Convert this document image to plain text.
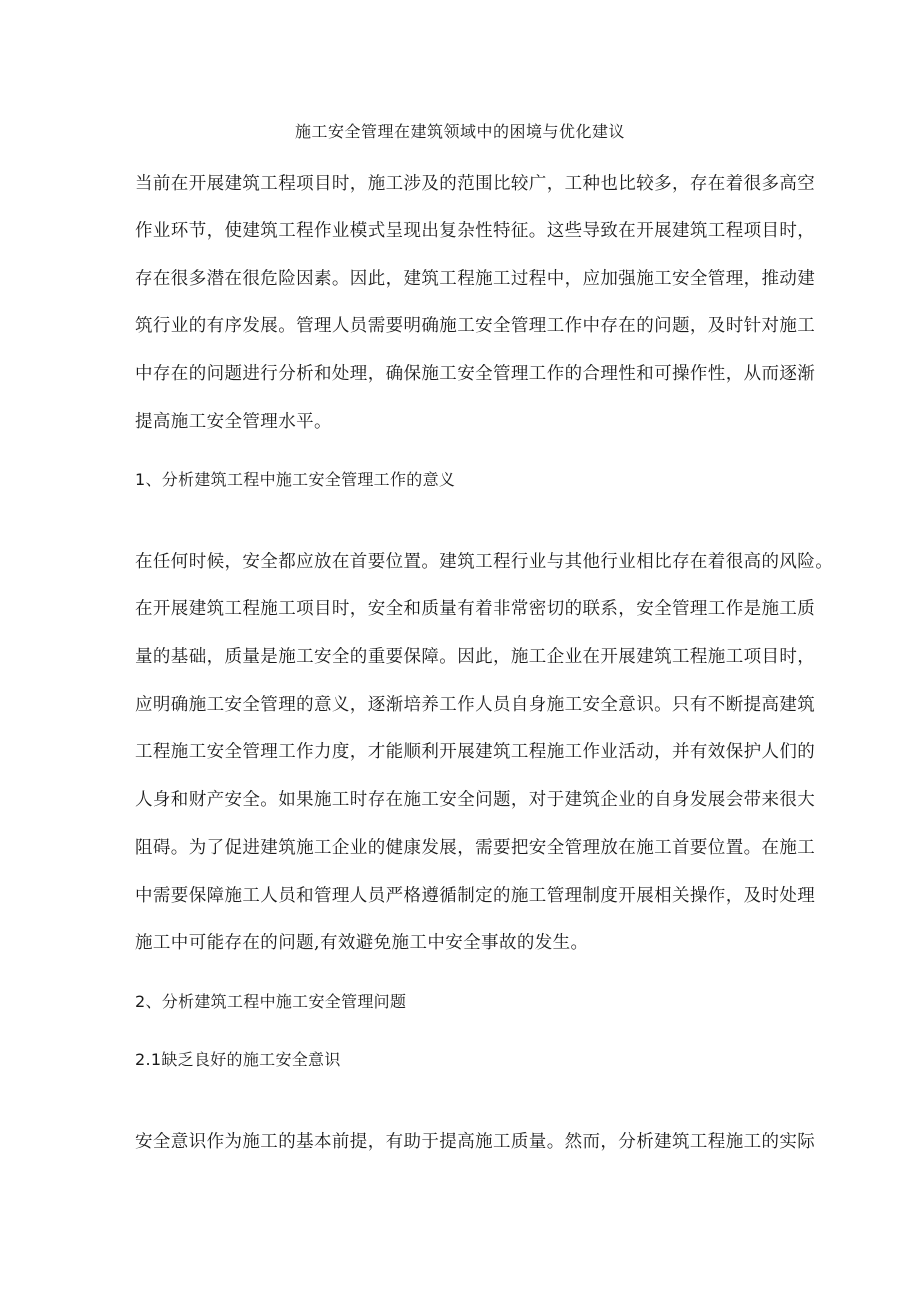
施工安全管理在建筑领域中的困境与优化建议
当前在开展建筑工程项目时，施工涉及的范围比较广，工种也比较多，存在着很多高空
作业环节，使建筑工程作业模式呈现出复杂性特征。这些导致在开展建筑工程项目时，
存在很多潜在很危险因素。因此，建筑工程施工过程中，应加强施工安全管理，推动建
筑行业的有序发展。管理人员需要明确施工安全管理工作中存在的问题，及时针对施工
中存在的问题进行分析和处理，确保施工安全管理工作的合理性和可操作性，从而逐渐
提高施工安全管理水平。
1、分析建筑工程中施工安全管理工作的意义
在任何时候，安全都应放在首要位置。建筑工程行业与其他行业相比存在着很高的风险。
在开展建筑工程施工项目时，安全和质量有着非常密切的联系，安全管理工作是施工质
量的基础，质量是施工安全的重要保障。因此，施工企业在开展建筑工程施工项目时，
应明确施工安全管理的意义，逐渐培养工作人员自身施工安全意识。只有不断提高建筑
工程施工安全管理工作力度，才能顺利开展建筑工程施工作业活动，并有效保护人们的
人身和财产安全。如果施工时存在施工安全问题，对于建筑企业的自身发展会带来很大
阻碍。为了促进建筑施工企业的健康发展，需要把安全管理放在施工首要位置。在施工
中需要保障施工人员和管理人员严格遵循制定的施工管理制度开展相关操作，及时处理
施工中可能存在的问题,有效避免施工中安全事故的发生。
2、分析建筑工程中施工安全管理问题
2.1缺乏良好的施工安全意识
安全意识作为施工的基本前提，有助于提高施工质量。然而，分析建筑工程施工的实际
